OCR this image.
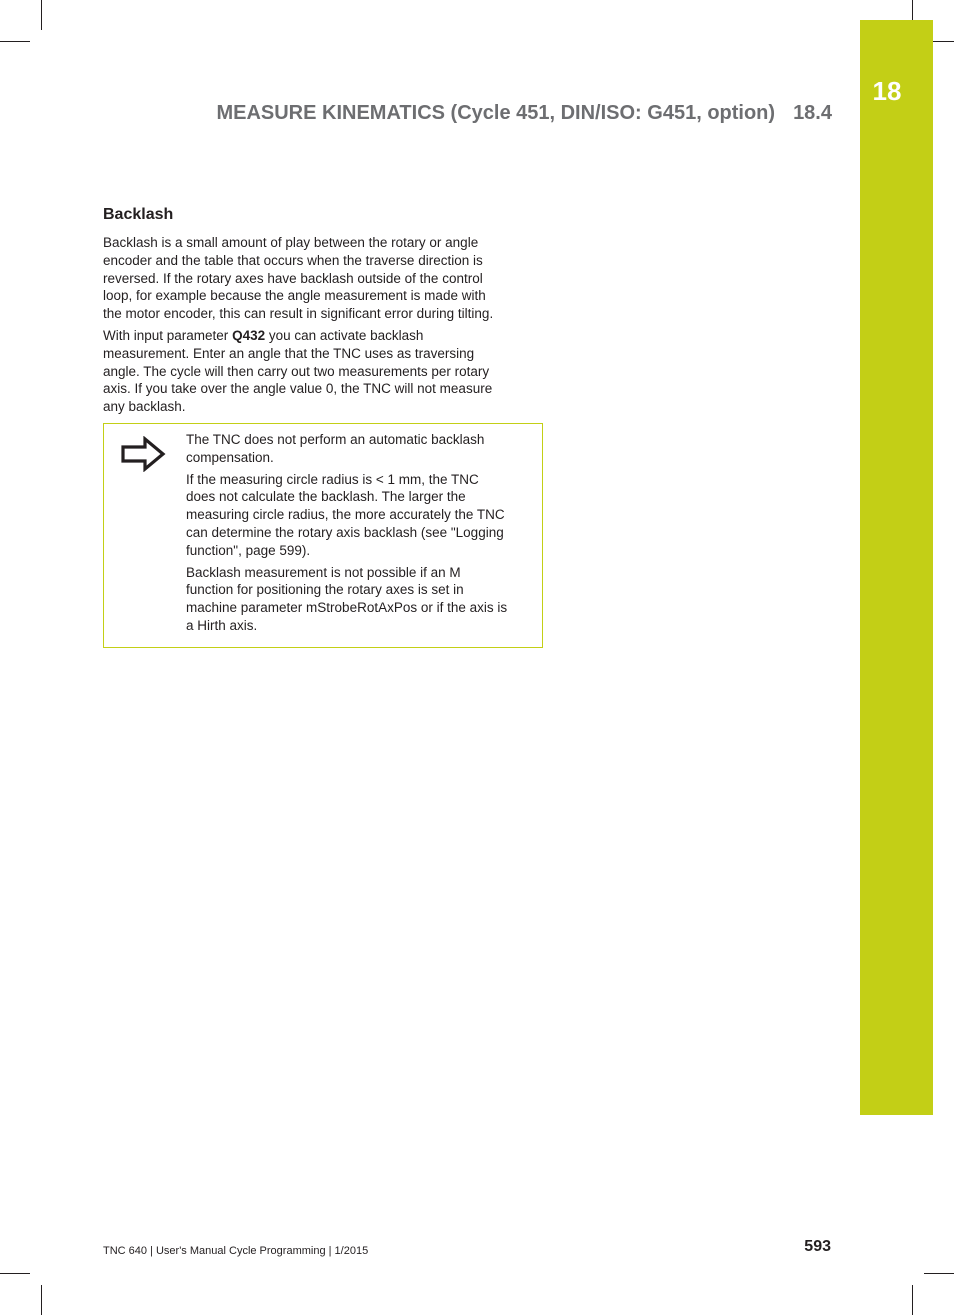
18
MEASURE KINEMATICS (Cycle 451, DIN/ISO: G451, option) 18.4
Backlash

Backlash is a small amount of play between the rotary or angle

encoder and the table that occurs when the traverse direction is

reversed. If the rotary axes have backlash outside of the control

loop, for example because the angle measurement is made with

the motor encoder, this can result in significant error during tilting.

With input parameter Q432 you can activate backlash

measurement. Enter an angle that the TNC uses as traversing

angle. The cycle will then carry out two measurements per rotary

axis. If you take over the angle value 0, the TNC will not measure

any backlash.

The TNC does not perform an automatic backlash

compensation.

If the measuring circle radius is < 1 mm, the TNC

does not calculate the backlash. The larger the

measuring circle radius, the more accurately the TNC

can determine the rotary axis backlash (see "Logging

function", page 599).

Backlash measurement is not possible if an M

function for positioning the rotary axes is set in

machine parameter mStrobeRotAxPos or if the axis is

a Hirth axis.

TNC 640 | User's Manual Cycle Programming | 1/2015	593
